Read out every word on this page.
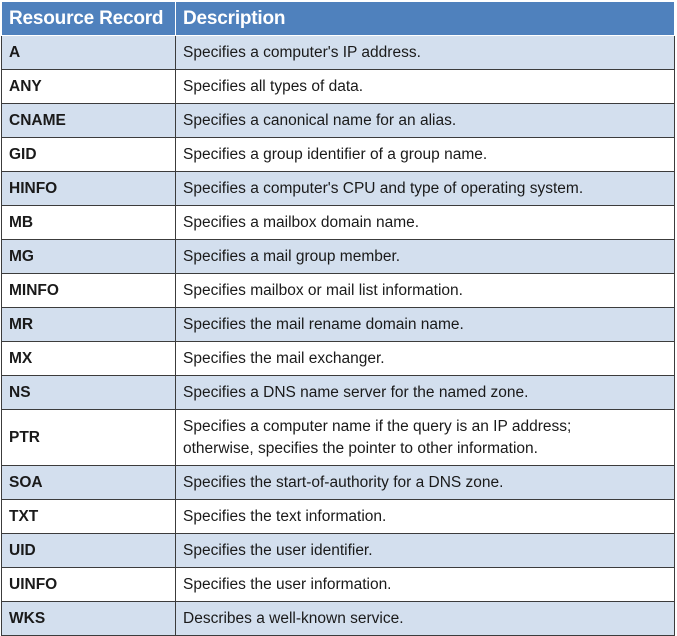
Resource Record	Description
A	Specifies a computer's IP address.

ANY	Specifies all types of data.

CNAME	Specifies a canonical name for an alias.

GID	Specifies a group identifier of a group name.

HINFO	Specifies a computer's CPU and type of operating system.

MB	Specifies a mailbox domain name.

MG	Specifies a mail group member.

MINFO	Specifies mailbox or mail list information.

MR	Specifies the mail rename domain name.

MX	Specifies the mail exchanger.

NS	Specifies a DNS name server for the named zone.

PTR	Specifies a computer name if the query is an IP address;
otherwise, specifies the pointer to other information.

SOA	Specifies the start-of-authority for a DNS zone.

TXT	Specifies the text information.

UID	Specifies the user identifier.

UINFO	Specifies the user information.

WKS	Describes a well-known service.
